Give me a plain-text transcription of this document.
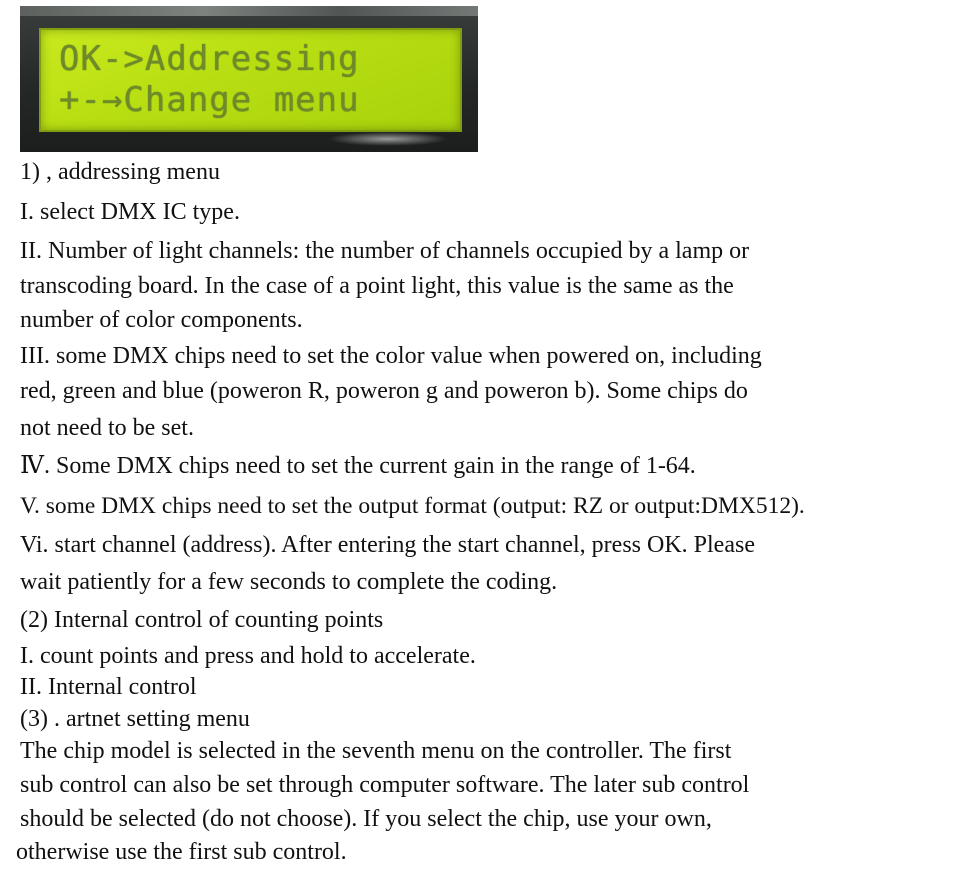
OK->Addressing
+-→Change menu
1) , addressing menu
I. select DMX IC type.
II. Number of light channels: the number of channels occupied by a lamp or
transcoding board. In the case of a point light, this value is the same as the
number of color components.
III. some DMX chips need to set the color value when powered on, including
red, green and blue (poweron R, poweron g and poweron b). Some chips do
not need to be set.
Ⅳ. Some DMX chips need to set the current gain in the range of 1-64.
V. some DMX chips need to set the output format (output: RZ or output:DMX512).
Vi. start channel (address). After entering the start channel, press OK. Please
wait patiently for a few seconds to complete the coding.
(2) Internal control of counting points
I. count points and press and hold to accelerate.
II. Internal control
(3) . artnet setting menu
The chip model is selected in the seventh menu on the controller. The first
sub control can also be set through computer software. The later sub control
should be selected (do not choose). If you select the chip, use your own,
otherwise use the first sub control.
